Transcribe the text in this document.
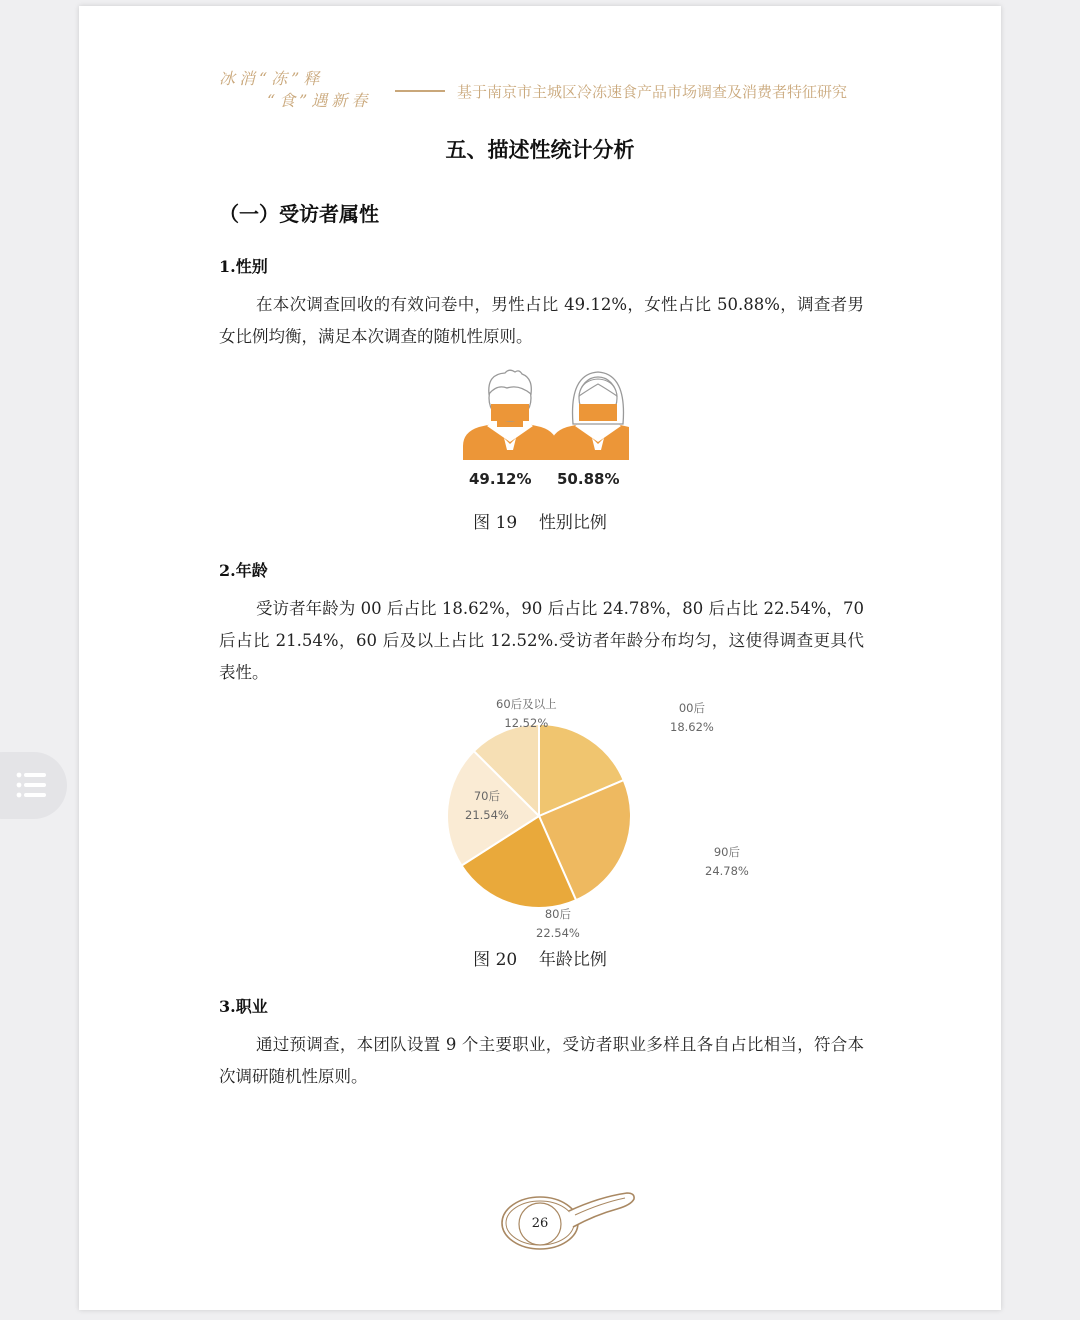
冰消“冻”释
“食”遇新春	基于南京市主城区冷冻速食产品市场调查及消费者特征研究
五、描述性统计分析
（一）受访者属性
1.性别
在本次调查回收的有效问卷中，男性占比 49.12%，女性占比 50.88%，调查者男女比例均衡，满足本次调查的随机性原则。
49.12% 50.88%
图 19    性别比例
2.年龄
受访者年龄为 00 后占比 18.62%，90 后占比 24.78%，80 后占比 22.54%，70 后占比 21.54%，60 后及以上占比 12.52%.受访者年龄分布均匀，这使得调查更具代表性。
60后及以上
12.52%
00后
18.62%
70后
21.54%
90后
24.78%
80后
22.54%
图 20    年龄比例
3.职业
通过预调查，本团队设置 9 个主要职业，受访者职业多样且各自占比相当，符合本次调研随机性原则。
26
